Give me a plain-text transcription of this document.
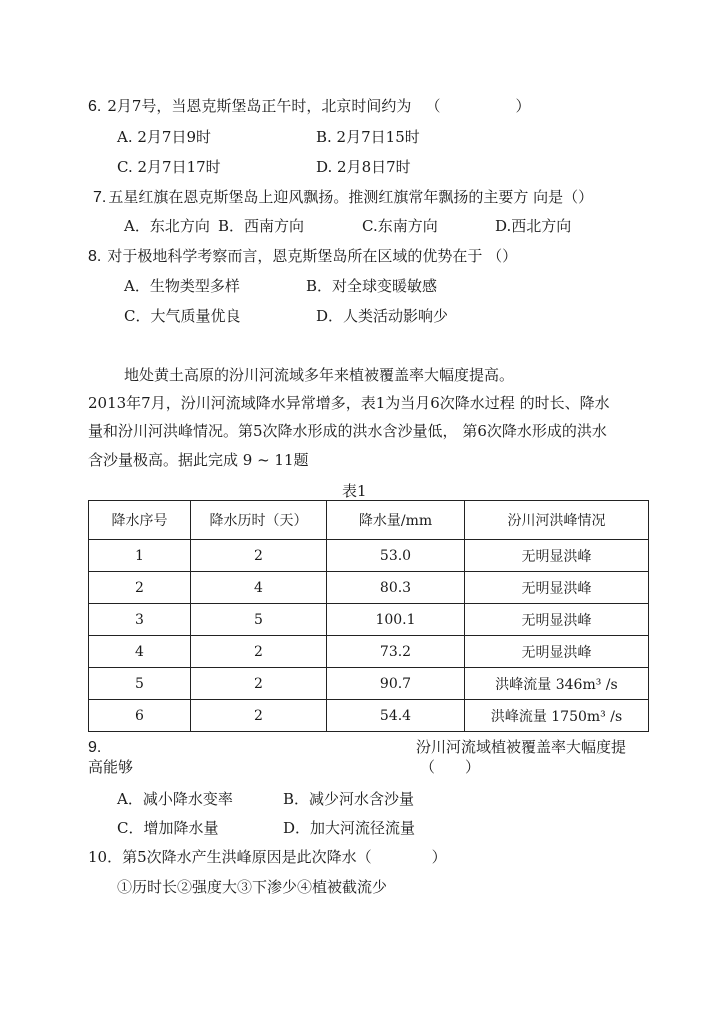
6. 2月7号，当恩克斯堡岛正午时，北京时间约为 （　　　　　）
A. 2月7日9时	B. 2月7日15时
C. 2月7日17时	D. 2月8日7时
7. 五星红旗在恩克斯堡岛上迎风飘扬。推测红旗常年飘扬的主要方 向是（）
A．东北方向 B．西南方向	C.东南方向	D.西北方向
8. 对于极地科学考察而言，恩克斯堡岛所在区域的优势在于 （）
A．生物类型多样	B．对全球变暖敏感
C．大气质量优良	D．人类活动影响少
地处黄土高原的汾川河流域多年来植被覆盖率大幅度提高。
2013年7月，汾川河流域降水异常增多，表1为当月6次降水过程 的时长、降水
量和汾川河洪峰情况。第5次降水形成的洪水含沙量低， 第6次降水形成的洪水
含沙量极高。据此完成 9 ~ 11题
表1
降水序号	降水历时（天）	降水量/mm	汾川河洪峰情况
1	2	53.0	无明显洪峰
2	4	80.3	无明显洪峰
3	5	100.1	无明显洪峰
4	2	73.2	无明显洪峰
5	2	90.7	洪峰流量 346m³ /s
6	2	54.4	洪峰流量 1750m³ /s
9.	汾川河流域植被覆盖率大幅度提
高能够	（　　）
A．减小降水变率	B．减少河水含沙量
C．增加降水量	D．加大河流径流量
10．第5次降水产生洪峰原因是此次降水（　　　　）
①历时长②强度大③下渗少④植被截流少
